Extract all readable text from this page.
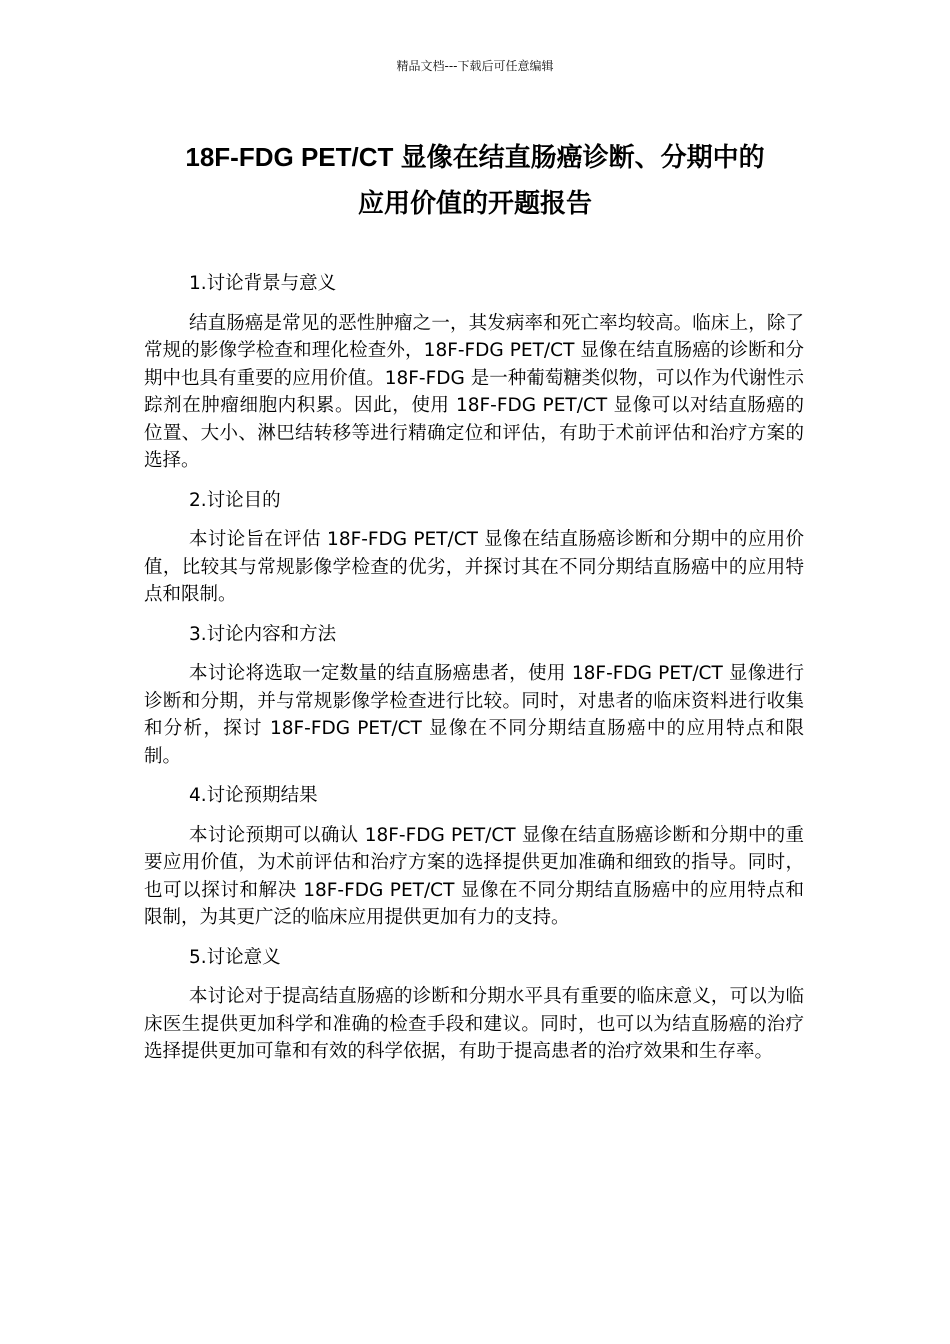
精品文档---下载后可任意编辑
18F-FDG PET/CT 显像在结直肠癌诊断、分期中的
应用价值的开题报告

1.讨论背景与意义

结直肠癌是常见的恶性肿瘤之一，其发病率和死亡率均较高。临床上，除了常规的影像学检查和理化检查外，18F-FDG PET/CT 显像在结直肠癌的诊断和分期中也具有重要的应用价值。18F-FDG 是一种葡萄糖类似物，可以作为代谢性示踪剂在肿瘤细胞内积累。因此，使用 18F-FDG PET/CT 显像可以对结直肠癌的位置、大小、淋巴结转移等进行精确定位和评估，有助于术前评估和治疗方案的选择。

2.讨论目的

本讨论旨在评估 18F-FDG PET/CT 显像在结直肠癌诊断和分期中的应用价值，比较其与常规影像学检查的优劣，并探讨其在不同分期结直肠癌中的应用特点和限制。

3.讨论内容和方法

本讨论将选取一定数量的结直肠癌患者，使用 18F-FDG PET/CT 显像进行诊断和分期，并与常规影像学检查进行比较。同时，对患者的临床资料进行收集和分析，探讨 18F-FDG PET/CT 显像在不同分期结直肠癌中的应用特点和限制。

4.讨论预期结果

本讨论预期可以确认 18F-FDG PET/CT 显像在结直肠癌诊断和分期中的重要应用价值，为术前评估和治疗方案的选择提供更加准确和细致的指导。同时，也可以探讨和解决 18F-FDG PET/CT 显像在不同分期结直肠癌中的应用特点和限制，为其更广泛的临床应用提供更加有力的支持。

5.讨论意义

本讨论对于提高结直肠癌的诊断和分期水平具有重要的临床意义，可以为临床医生提供更加科学和准确的检查手段和建议。同时，也可以为结直肠癌的治疗选择提供更加可靠和有效的科学依据，有助于提高患者的治疗效果和生存率。
